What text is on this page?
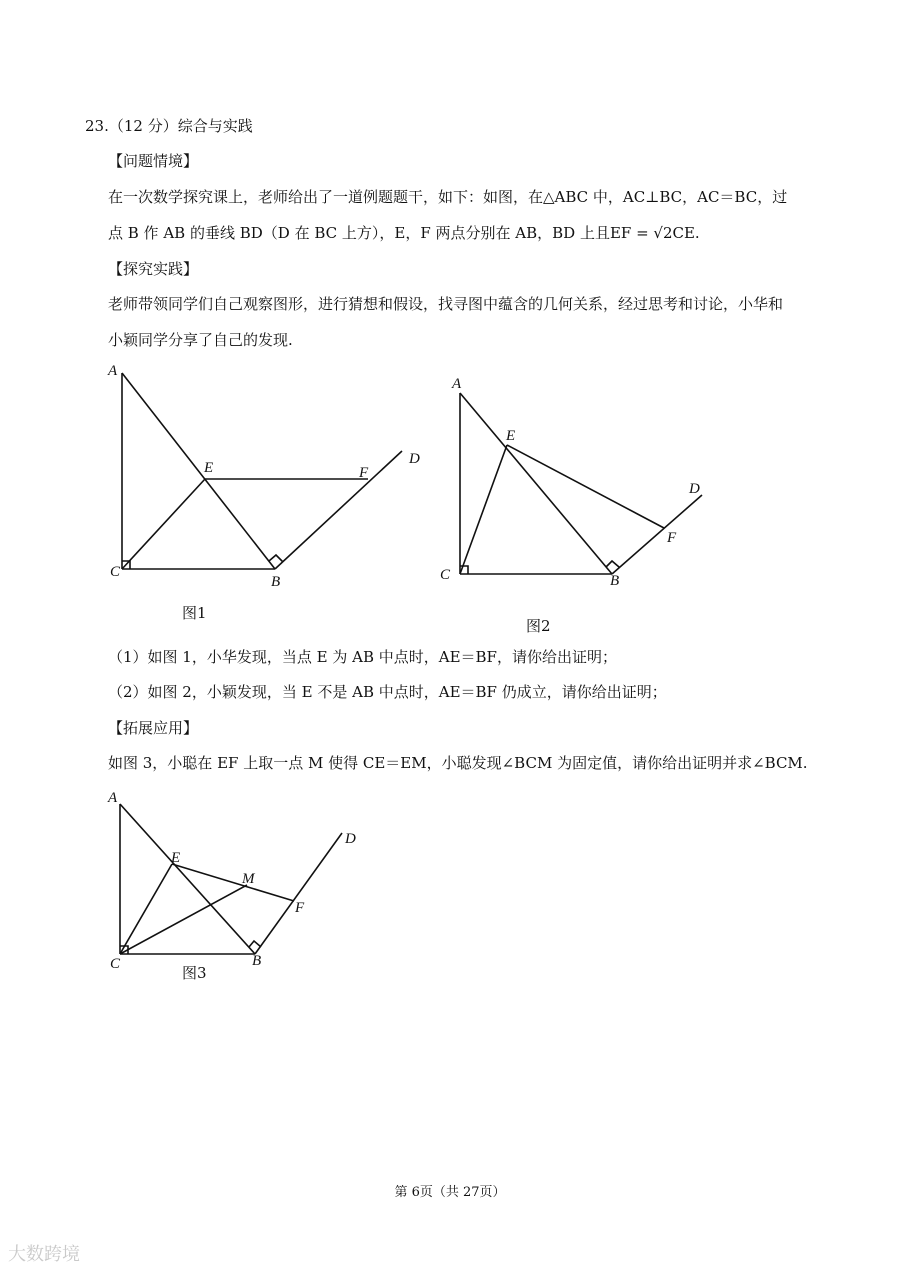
23.（12 分）综合与实践
【问题情境】
在一次数学探究课上，老师给出了一道例题题干，如下：如图，在△ABC 中，AC⊥BC，AC＝BC，过
点 B 作 AB 的垂线 BD（D 在 BC 上方），E，F 两点分别在 AB，BD 上且EF = √2CE.
【探究实践】
老师带领同学们自己观察图形，进行猜想和假设，找寻图中蕴含的几何关系，经过思考和讨论，小华和
小颖同学分享了自己的发现.
A
C
B
E	F
D
图1
A
C	B
E
F
D
图2
（1）如图 1，小华发现，当点 E 为 AB 中点时，AE＝BF，请你给出证明；
（2）如图 2，小颖发现，当 E 不是 AB 中点时，AE＝BF 仍成立，请你给出证明；
【拓展应用】
如图 3，小聪在 EF 上取一点 M 使得 CE＝EM，小聪发现∠BCM 为固定值，请你给出证明并求∠BCM.
A
C	B
E
M
F
D
图3
第 6页（共 27页）
大数跨境
